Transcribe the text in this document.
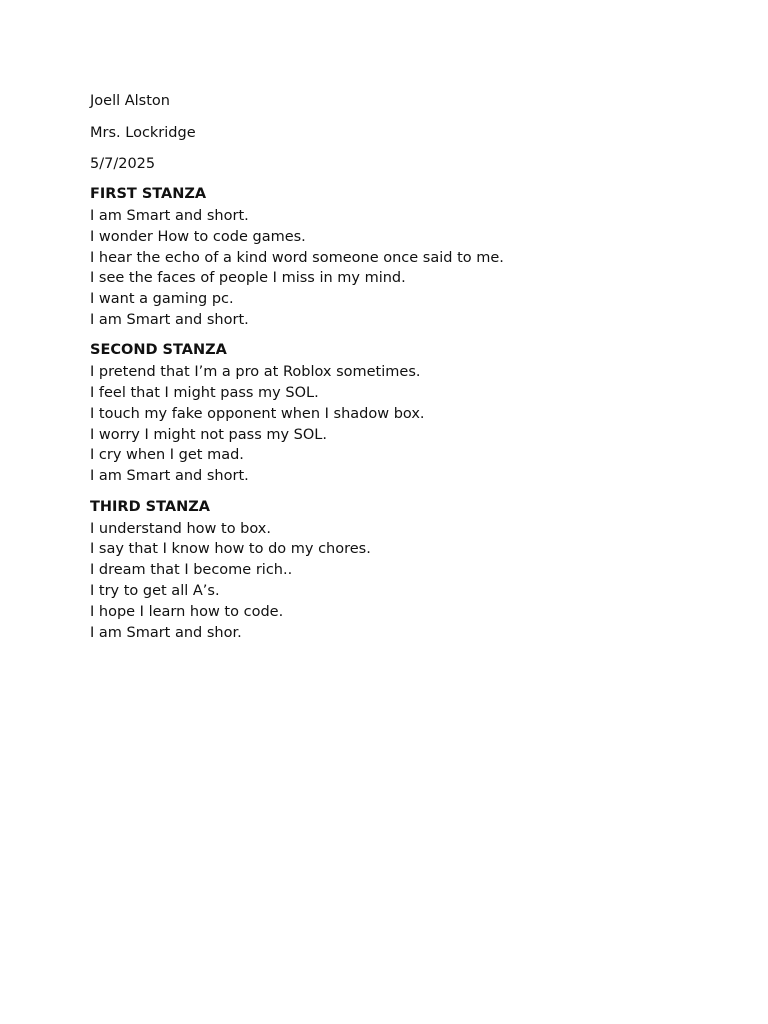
Joell Alston
Mrs. Lockridge
5/7/2025
FIRST STANZA
I am Smart and short.
I wonder How to code games.
I hear the echo of a kind word someone once said to me.
I see the faces of people I miss in my mind.
I want a gaming pc.
I am Smart and short.
SECOND STANZA
I pretend that I’m a pro at Roblox sometimes.
I feel that I might pass my SOL.
I touch my fake opponent when I shadow box.
I worry I might not pass my SOL.
I cry when I get mad.
I am Smart and short.
THIRD STANZA
I understand how to box.
I say that I know how to do my chores.
I dream that I become rich..
I try to get all A’s.
I hope I learn how to code.
I am Smart and shor.
